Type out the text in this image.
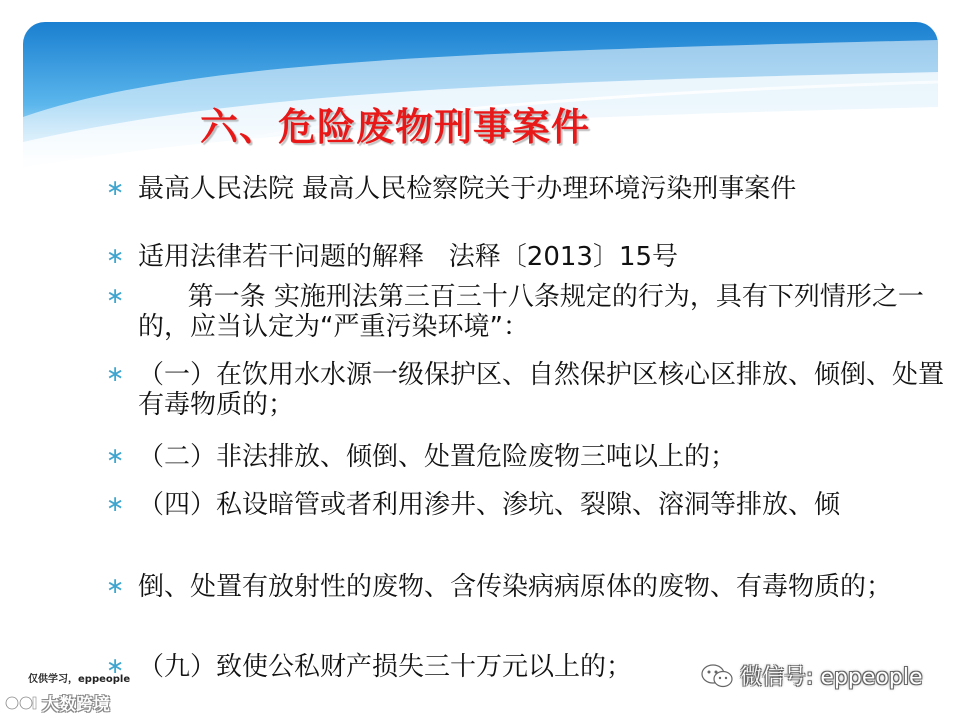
六、危险废物刑事案件
∗ 最高人民法院 最高人民检察院关于办理环境污染刑事案件
∗ 适用法律若干问题的解释   法释〔2013〕15号
∗ 第一条 实施刑法第三百三十八条规定的行为，具有下列情形之一的，应当认定为“严重污染环境”：
∗ （一）在饮用水水源一级保护区、自然保护区核心区排放、倾倒、处置有毒物质的；
∗ （二）非法排放、倾倒、处置危险废物三吨以上的；
∗ （四）私设暗管或者利用渗井、渗坑、裂隙、溶洞等排放、倾
∗ 倒、处置有放射性的废物、含传染病病原体的废物、有毒物质的；
∗ （九）致使公私财产损失三十万元以上的；
仅供学习，eppeople
大数跨境
微信号: eppeople
